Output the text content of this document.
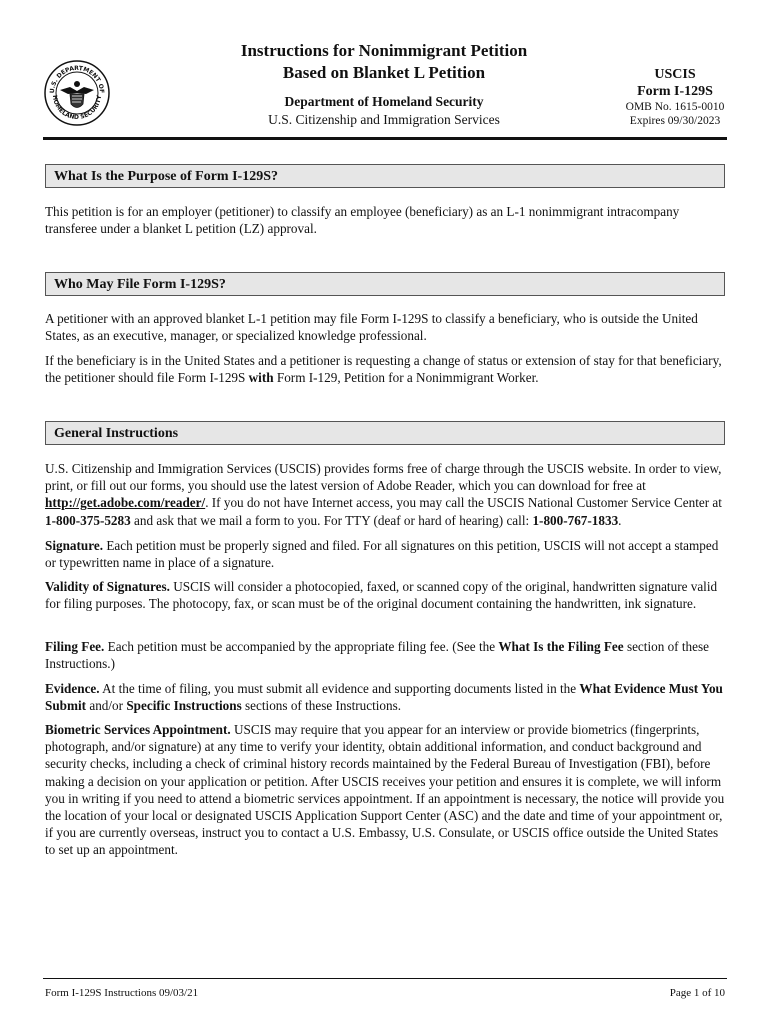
U.S. DEPARTMENT OF
HOMELAND SECURITY
Instructions for Nonimmigrant Petition
Based on Blanket L Petition
Department of Homeland Security
U.S. Citizenship and Immigration Services
USCIS
Form I-129S
OMB No. 1615-0010
Expires 09/30/2023
What Is the Purpose of Form I-129S?

This petition is for an employer (petitioner) to classify an employee (beneficiary) as an L-1 nonimmigrant intracompany transferee under a blanket L petition (LZ) approval.

Who May File Form I-129S?

A petitioner with an approved blanket L-1 petition may file Form I-129S to classify a beneficiary, who is outside the United States, as an executive, manager, or specialized knowledge professional.

If the beneficiary is in the United States and a petitioner is requesting a change of status or extension of stay for that beneficiary, the petitioner should file Form I-129S with Form I-129, Petition for a Nonimmigrant Worker.

General Instructions

U.S. Citizenship and Immigration Services (USCIS) provides forms free of charge through the USCIS website. In order to view, print, or fill out our forms, you should use the latest version of Adobe Reader, which you can download for free at http://get.adobe.com/reader/. If you do not have Internet access, you may call the USCIS National Customer Service Center at 1-800-375-5283 and ask that we mail a form to you. For TTY (deaf or hard of hearing) call: 1-800-767-1833.

Signature. Each petition must be properly signed and filed. For all signatures on this petition, USCIS will not accept a stamped or typewritten name in place of a signature.

Validity of Signatures. USCIS will consider a photocopied, faxed, or scanned copy of the original, handwritten signature valid for filing purposes. The photocopy, fax, or scan must be of the original document containing the handwritten, ink signature.

Filing Fee. Each petition must be accompanied by the appropriate filing fee. (See the What Is the Filing Fee section of these Instructions.)

Evidence. At the time of filing, you must submit all evidence and supporting documents listed in the What Evidence Must You Submit and/or Specific Instructions sections of these Instructions.

Biometric Services Appointment. USCIS may require that you appear for an interview or provide biometrics (fingerprints, photograph, and/or signature) at any time to verify your identity, obtain additional information, and conduct background and security checks, including a check of criminal history records maintained by the Federal Bureau of Investigation (FBI), before making a decision on your application or petition. After USCIS receives your petition and ensures it is complete, we will inform you in writing if you need to attend a biometric services appointment. If an appointment is necessary, the notice will provide you the location of your local or designated USCIS Application Support Center (ASC) and the date and time of your appointment or, if you are currently overseas, instruct you to contact a U.S. Embassy, U.S. Consulate, or USCIS office outside the United States to set up an appointment.

Form I-129S Instructions 09/03/21	Page 1 of 10
